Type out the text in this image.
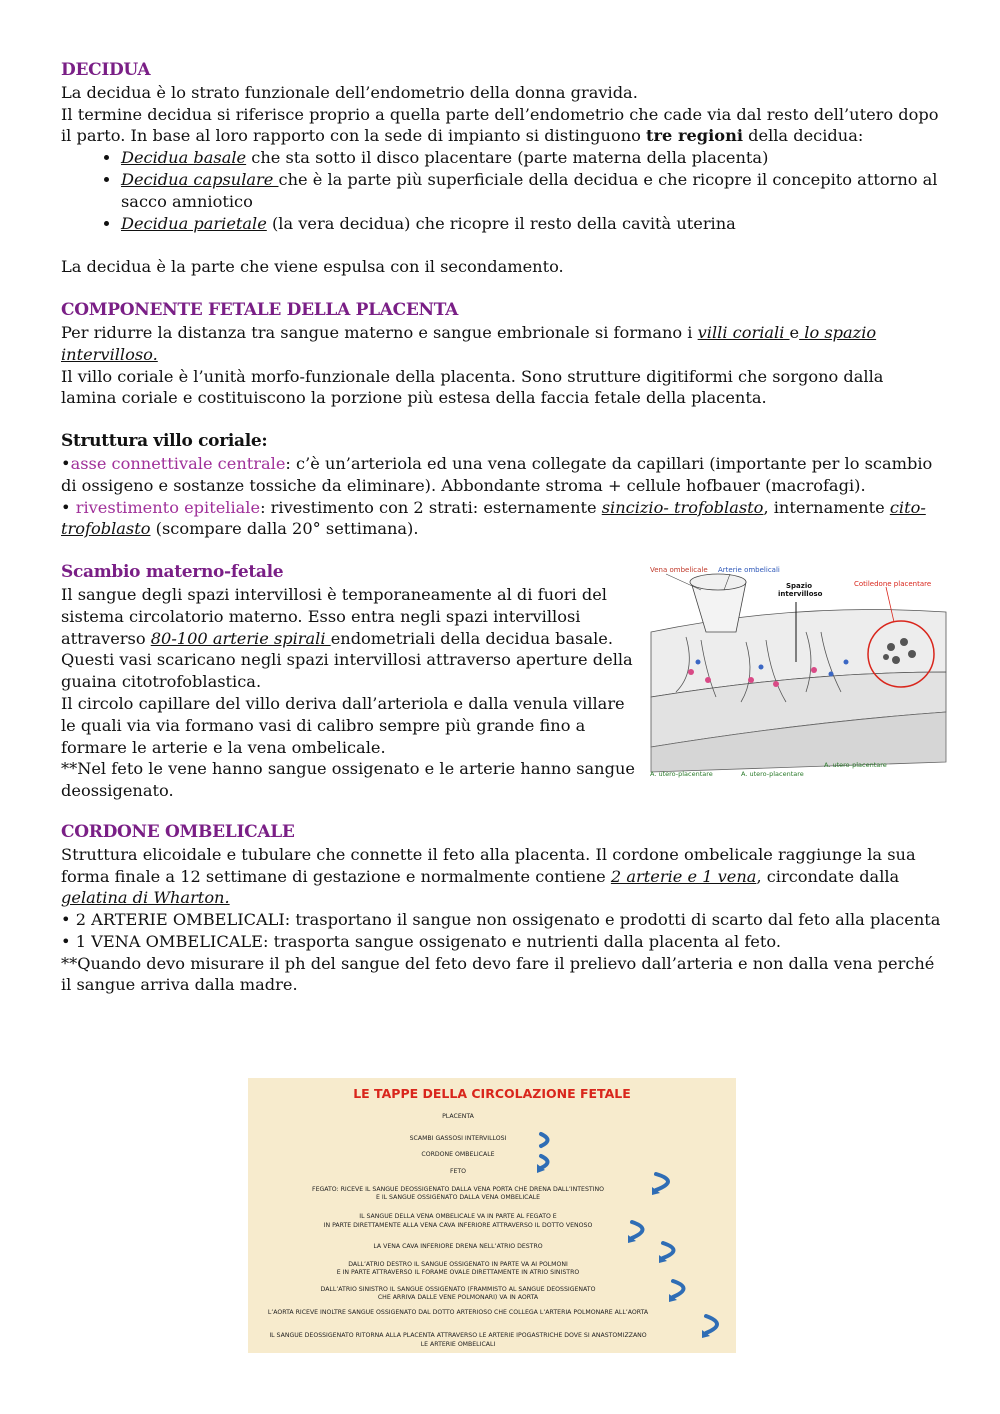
DECIDUA

La decidua è lo strato funzionale dell’endometrio della donna gravida.

Il termine decidua si riferisce proprio a quella parte dell’endometrio che cade via dal resto dell’utero dopo il parto. In base al loro rapporto con la sede di impianto si distinguono tre regioni della decidua:

• Decidua basale che sta sotto il disco placentare (parte materna della placenta)
• Decidua capsulare che è la parte più superficiale della decidua e che ricopre il concepito attorno al sacco amniotico
• Decidua parietale (la vera decidua) che ricopre il resto della cavità uterina

La decidua è la parte che viene espulsa con il secondamento.

COMPONENTE FETALE DELLA PLACENTA

Per ridurre la distanza tra sangue materno e sangue embrionale si formano i villi coriali e lo spazio intervilloso.

Il villo coriale è l’unità morfo-funzionale della placenta. Sono strutture digitiformi che sorgono dalla lamina coriale e costituiscono la porzione più estesa della faccia fetale della placenta.

Struttura villo coriale:

•asse connettivale centrale: c’è un’arteriola ed una vena collegate da capillari (importante per lo scambio di ossigeno e sostanze tossiche da eliminare). Abbondante stroma + cellule hofbauer (macrofagi).

• rivestimento epiteliale: rivestimento con 2 strati: esternamente sincizio- trofoblasto, internamente cito- trofoblasto (scompare dalla 20° settimana).

Scambio materno-fetale

Il sangue degli spazi intervillosi è temporaneamente al di fuori del sistema circolatorio materno. Esso entra negli spazi intervillosi attraverso 80-100 arterie spirali endometriali della decidua basale. Questi vasi scaricano negli spazi intervillosi attraverso aperture della guaina citotrofoblastica.

Il circolo capillare del villo deriva dall’arteriola e dalla venula villare le quali via via formano vasi di calibro sempre più grande fino a formare le arterie e la vena ombelicale.

**Nel feto le vene hanno sangue ossigenato e le arterie hanno sangue deossigenato.

Vena ombelicale Arterie ombelicali
Spazio
intervilloso
Cotiledone placentare
A. utero-placentare	A. utero-placentare
A. utero-placentare
CORDONE OMBELICALE

Struttura elicoidale e tubulare che connette il feto alla placenta. Il cordone ombelicale raggiunge la sua forma finale a 12 settimane di gestazione e normalmente contiene 2 arterie e 1 vena, circondate dalla gelatina di Wharton.

• 2 ARTERIE OMBELICALI: trasportano il sangue non ossigenato e prodotti di scarto dal feto alla placenta

• 1 VENA OMBELICALE: trasporta sangue ossigenato e nutrienti dalla placenta al feto.

**Quando devo misurare il ph del sangue del feto devo fare il prelievo dall’arteria e non dalla vena perché il sangue arriva dalla madre.

LE TAPPE DELLA CIRCOLAZIONE FETALE
PLACENTA
SCAMBI GASSOSI INTERVILLOSI
CORDONE OMBELICALE
FETO
FEGATO: RICEVE IL SANGUE DEOSSIGENATO DALLA VENA PORTA CHE DRENA DALL’INTESTINO
E IL SANGUE OSSIGENATO DALLA VENA OMBELICALE
IL SANGUE DELLA VENA OMBELICALE VA IN PARTE AL FEGATO E
IN PARTE DIRETTAMENTE ALLA VENA CAVA INFERIORE ATTRAVERSO IL DOTTO VENOSO
LA VENA CAVA INFERIORE DRENA NELL’ATRIO DESTRO
DALL’ATRIO DESTRO IL SANGUE OSSIGENATO IN PARTE VA AI POLMONI
E IN PARTE ATTRAVERSO IL FORAME OVALE DIRETTAMENTE IN ATRIO SINISTRO
DALL’ATRIO SINISTRO IL SANGUE OSSIGENATO (FRAMMISTO AL SANGUE DEOSSIGENATO
CHE ARRIVA DALLE VENE POLMONARI) VA IN AORTA
L’AORTA RICEVE INOLTRE SANGUE OSSIGENATO DAL DOTTO ARTERIOSO CHE COLLEGA L’ARTERIA POLMONARE ALL’AORTA
IL SANGUE DEOSSIGENATO RITORNA ALLA PLACENTA ATTRAVERSO LE ARTERIE IPOGASTRICHE DOVE SI ANASTOMIZZANO
LE ARTERIE OMBELICALI
